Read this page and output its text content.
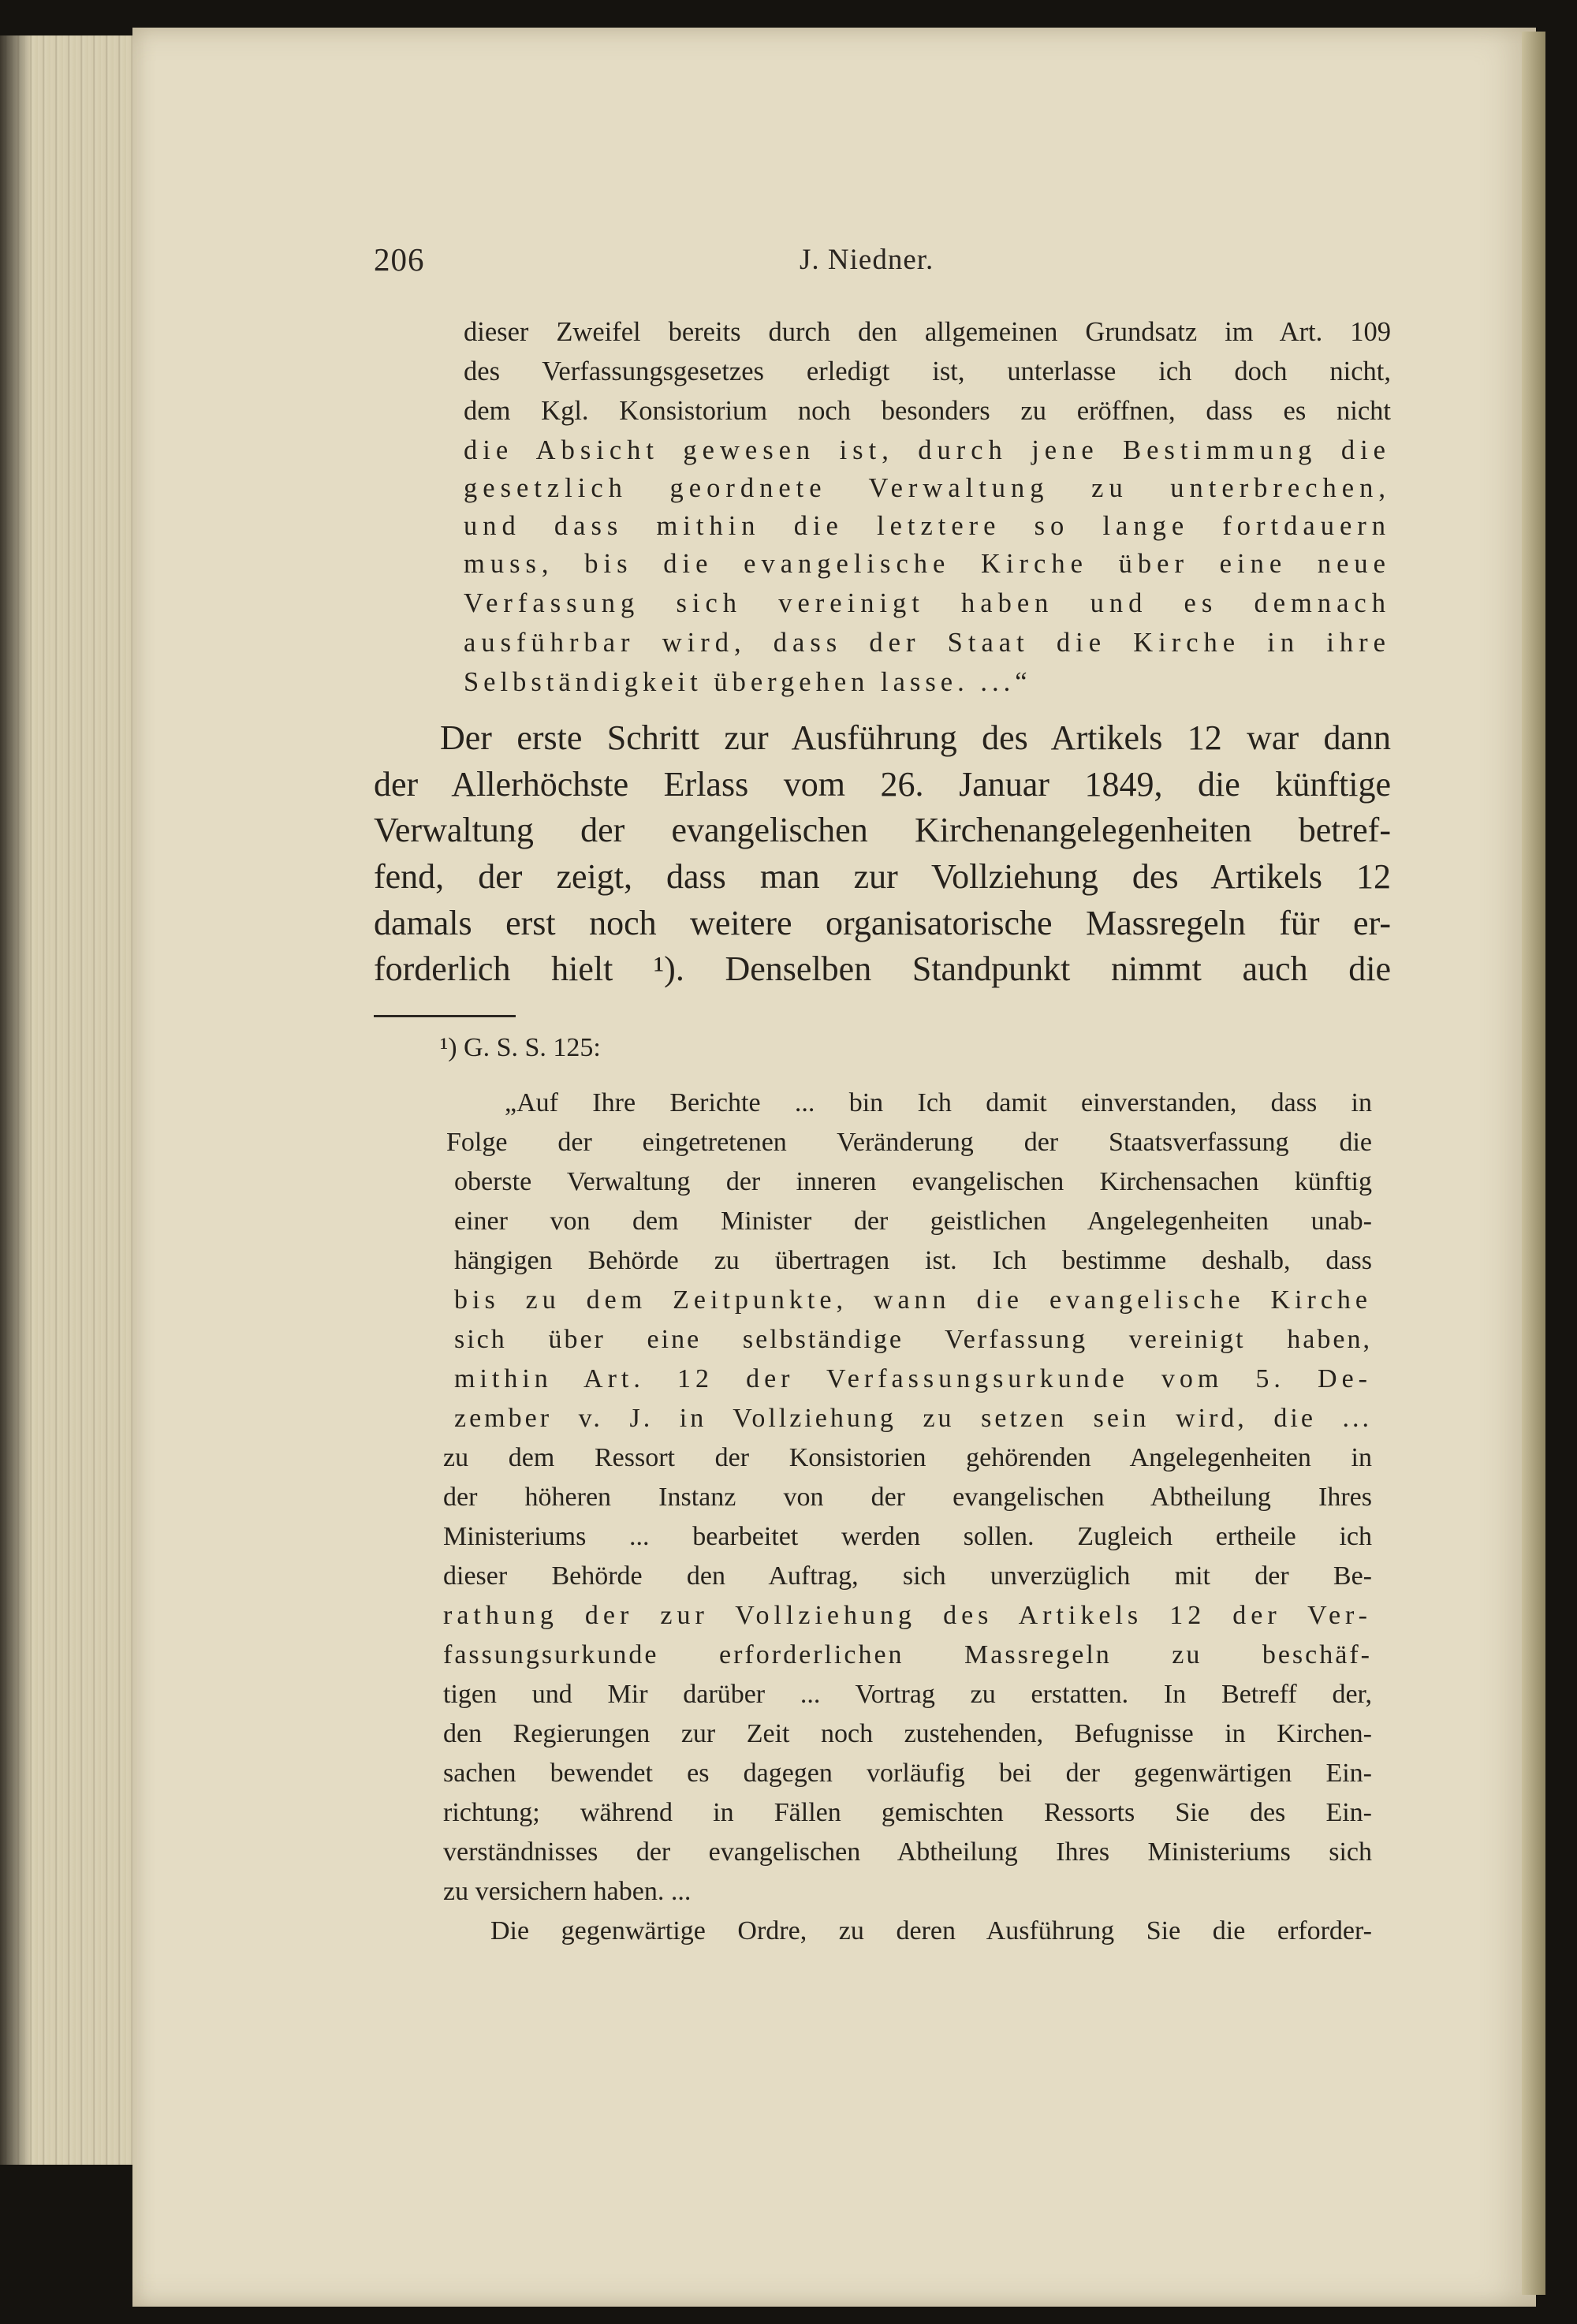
206	J. Niedner.
dieser Zweifel bereits durch den allgemeinen Grundsatz im Art. 109
des Verfassungsgesetzes erledigt ist, unterlasse ich doch nicht,
dem Kgl. Konsistorium noch besonders zu eröffnen, dass es nicht
die Absicht gewesen ist, durch jene Bestimmung die
gesetzlich geordnete Verwaltung zu unterbrechen,
und dass mithin die letztere so lange fortdauern
muss, bis die evangelische Kirche über eine neue
Verfassung sich vereinigt haben und es demnach
ausführbar wird, dass der Staat die Kirche in ihre
Selbständigkeit übergehen lasse. ...“
Der erste Schritt zur Ausführung des Artikels 12 war dann
der Allerhöchste Erlass vom 26. Januar 1849, die künftige
Verwaltung der evangelischen Kirchenangelegenheiten betref-
fend, der zeigt, dass man zur Vollziehung des Artikels 12
damals erst noch weitere organisatorische Massregeln für er-
forderlich hielt ¹). Denselben Standpunkt nimmt auch die
¹) G. S. S. 125:
„Auf Ihre Berichte ... bin Ich damit einverstanden, dass in
Folge der eingetretenen Veränderung der Staatsverfassung die
oberste Verwaltung der inneren evangelischen Kirchensachen künftig
einer von dem Minister der geistlichen Angelegenheiten unab-
hängigen Behörde zu übertragen ist. Ich bestimme deshalb, dass
bis zu dem Zeitpunkte, wann die evangelische Kirche
sich über eine selbständige Verfassung vereinigt haben,
mithin Art. 12 der Verfassungsurkunde vom 5. De-
zember v. J. in Vollziehung zu setzen sein wird, die ...
zu dem Ressort der Konsistorien gehörenden Angelegenheiten in
der höheren Instanz von der evangelischen Abtheilung Ihres
Ministeriums ... bearbeitet werden sollen. Zugleich ertheile ich
dieser Behörde den Auftrag, sich unverzüglich mit der Be-
rathung der zur Vollziehung des Artikels 12 der Ver-
fassungsurkunde erforderlichen Massregeln zu beschäf-
tigen und Mir darüber ... Vortrag zu erstatten. In Betreff der,
den Regierungen zur Zeit noch zustehenden, Befugnisse in Kirchen-
sachen bewendet es dagegen vorläufig bei der gegenwärtigen Ein-
richtung; während in Fällen gemischten Ressorts Sie des Ein-
verständnisses der evangelischen Abtheilung Ihres Ministeriums sich
zu versichern haben. ...
Die gegenwärtige Ordre, zu deren Ausführung Sie die erforder-
